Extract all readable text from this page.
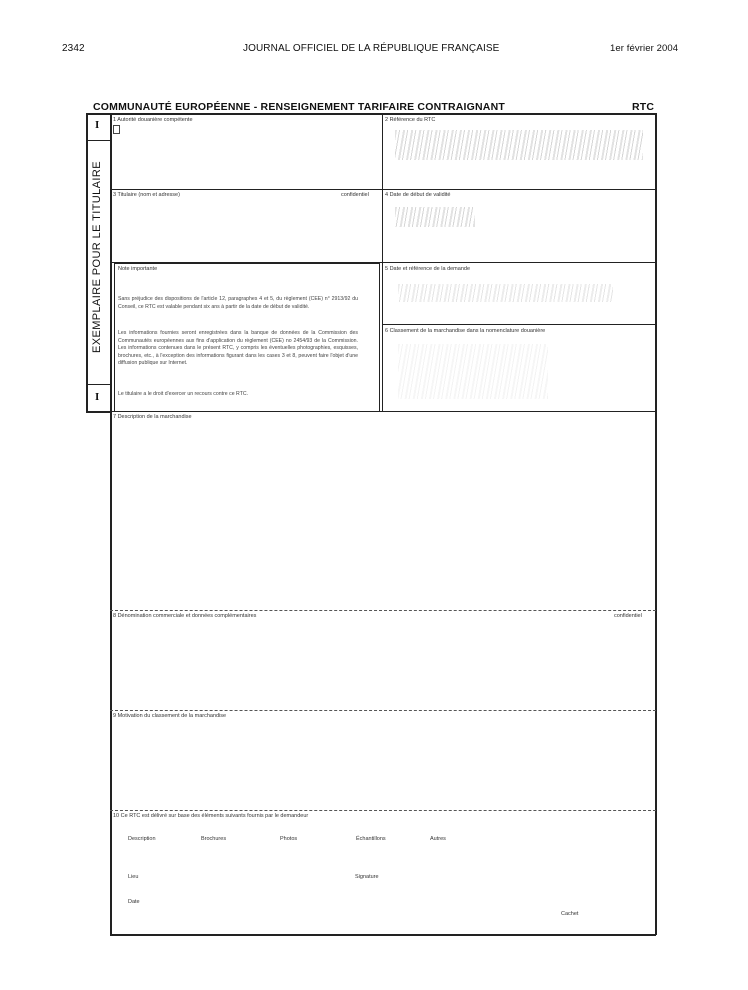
2342	JOURNAL OFFICIEL DE LA RÉPUBLIQUE FRANÇAISE	1er février 2004
COMMUNAUTÉ EUROPÉENNE - RENSEIGNEMENT TARIFAIRE CONTRAIGNANT	RTC
I
EXEMPLAIRE POUR LE TITULAIRE
I
1 Autorité douanière compétente	2 Référence du RTC
3 Titulaire (nom et adresse)	confidentiel	4 Date de début de validité
Note importante
Sans préjudice des dispositions de l'article 12, paragraphes 4 et 5, du règlement (CEE) n° 2913/92 du Conseil, ce RTC est valable pendant six ans à partir de la date de début de validité.
Les informations fournies seront enregistrées dans la banque de données de la Commission des Communautés européennes aux fins d'application du règlement (CEE) no 2454/93 de la Commission. Les informations contenues dans le présent RTC, y compris les éventuelles photographies, esquisses, brochures, etc., à l'exception des informations figurant dans les cases 3 et 8, peuvent faire l'objet d'une diffusion publique sur Internet.
Le titulaire a le droit d'exercer un recours contre ce RTC.
5 Date et référence de la demande
6 Classement de la marchandise dans la nomenclature douanière
7 Description de la marchandise
8 Dénomination commerciale et données complémentaires	confidentiel
9 Motivation du classement de la marchandise
10 Ce RTC est délivré sur base des éléments suivants fournis par le demandeur
Description	Brochures	Photos	Échantillons	Autres
Lieu	Signature
Date
Cachet
